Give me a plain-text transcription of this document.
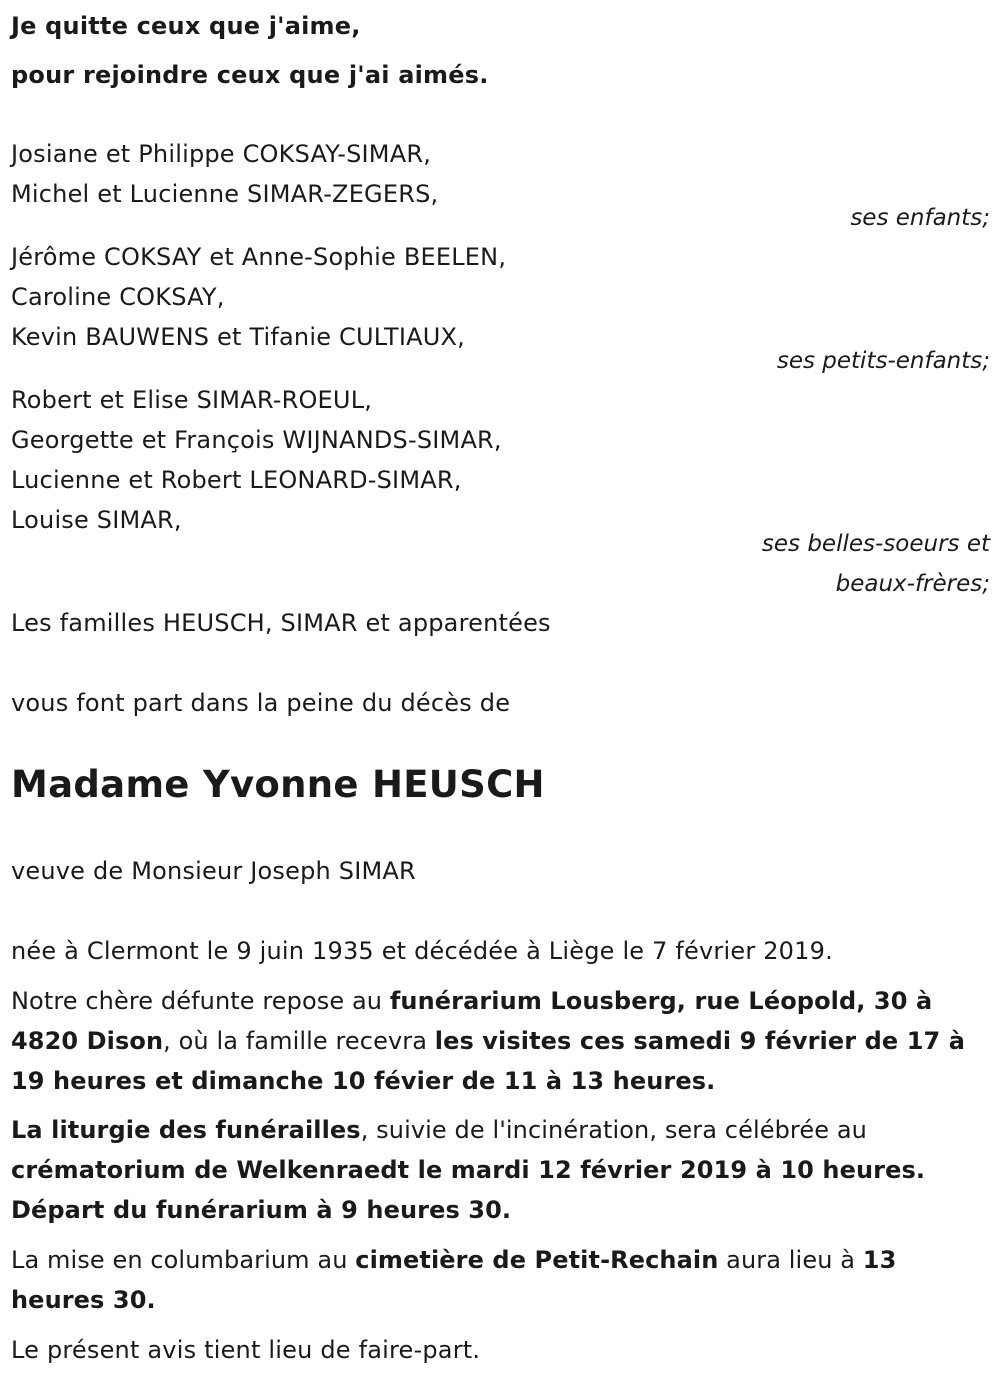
Je quitte ceux que j'aime,
pour rejoindre ceux que j'ai aimés.
Josiane et Philippe COKSAY-SIMAR,
Michel et Lucienne SIMAR-ZEGERS,
ses enfants;
Jérôme COKSAY et Anne-Sophie BEELEN,
Caroline COKSAY,
Kevin BAUWENS et Tifanie CULTIAUX,
ses petits-enfants;
Robert et Elise SIMAR-ROEUL,
Georgette et François WIJNANDS-SIMAR,
Lucienne et Robert LEONARD-SIMAR,
Louise SIMAR,
ses belles-soeurs et
beaux-frères;
Les familles HEUSCH, SIMAR et apparentées
vous font part dans la peine du décès de
Madame Yvonne HEUSCH
veuve de Monsieur Joseph SIMAR
née à Clermont le 9 juin 1935 et décédée à Liège le 7 février 2019.
Notre chère défunte repose au funérarium Lousberg, rue Léopold, 30 à 4820 Dison, où la famille recevra les visites ces samedi 9 février de 17 à 19 heures et dimanche 10 févier de 11 à 13 heures.
La liturgie des funérailles, suivie de l'incinération, sera célébrée au crématorium de Welkenraedt le mardi 12 février 2019 à 10 heures. Départ du funérarium à 9 heures 30.
La mise en columbarium au cimetière de Petit-Rechain aura lieu à 13 heures 30.
Le présent avis tient lieu de faire-part.
